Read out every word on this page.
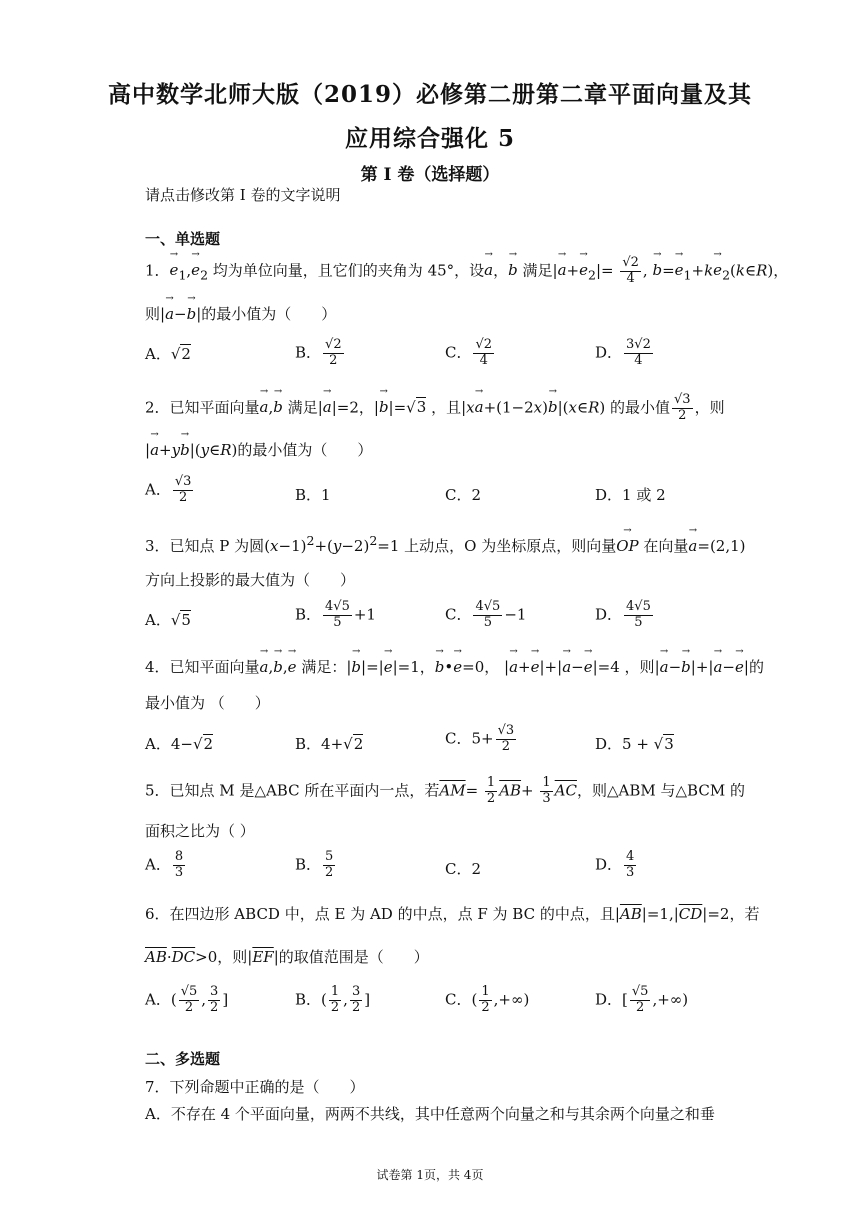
高中数学北师大版（2019）必修第二册第二章平面向量及其
应用综合强化 5
第 I 卷（选择题）
请点击修改第 I 卷的文字说明
一、单选题
1．→ $e_1,\to e_2$ 均为单位向量，且它们的夹角为 45°，设→ a，→ b 满足|→ $a+\to e_2|= \frac{√2}{4}$ , → $b=\to e_1+k\to$ $e_2(k\in R)$，
则|→ a−→ b|的最小值为（　　）
A．√2	B． $\frac{√2}{2}$	C． $\frac{√2}{4}$	D． $\frac{3√2}{4}$
2．已知平面向量→ a,→ b 满足|→ a|=2，|→ b|=√3 ，且|x→ a+(1−2x)→ b|(x∈R) 的最小值 $\frac{√3}{2}$ ，则
|→ a+y→ b|(y∈R)的最小值为（　　）
A． $\frac{√3}{2}$	B．1	C．2	D．1 或 2
3．已知点 P 为圆$(x-1)^2+(y-2)^2=1$ 上动点，O 为坐标原点，则向量→ OP 在向量→ a=(2,1)
方向上投影的最大值为（　　）
A．√5	B． $\frac{4√5}{5} +1$	C． $\frac{4√5}{5} -1$	D． $\frac{4√5}{5}$
4．已知平面向量→ a,→ b,→ e 满足：|→ b|=|→ e|=1，→ b•→ e=0， |→ a+→ e|+|→ a−→ e|=4 ，则|→ a−→ b|+|→ a−→ e|的
最小值为 （　　）
A．4−√2	B．4+√2	C．$5+ \frac{√3}{2}$	D．5 + √3
5．已知点 M 是△ABC 所在平面内一点，若$\overline{AM}= \frac{1}{2} \overline{AB}+ \frac{1}{3} \overline{AC}$，则△ABM 与△BCM 的
面积之比为（ ）
A． $\frac{8}{3}$	B． $\frac{5}{2}$	C．2	D． $\frac{4}{3}$
6．在四边形 ABCD 中，点 E 为 AD 的中点，点 F 为 BC 的中点，且$|\overline{AB}|=1,|\overline{CD}|=2$，若
$\overline{AB}\cdot\overline{DC}>0$，则$|\overline{EF}|$的取值范围是（　　）
A．( $\frac{√5}{2}$ , $\frac{3}{2}$ ]	B．( $\frac{1}{2}$ , $\frac{3}{2}$ ]	C．( $\frac{1}{2}$ ,+∞)	D．[ $\frac{√5}{2}$ ,+∞)
二、多选题
7．下列命题中正确的是（　　）
A．不存在 4 个平面向量，两两不共线，其中任意两个向量之和与其余两个向量之和垂
试卷第 1页，共 4页
